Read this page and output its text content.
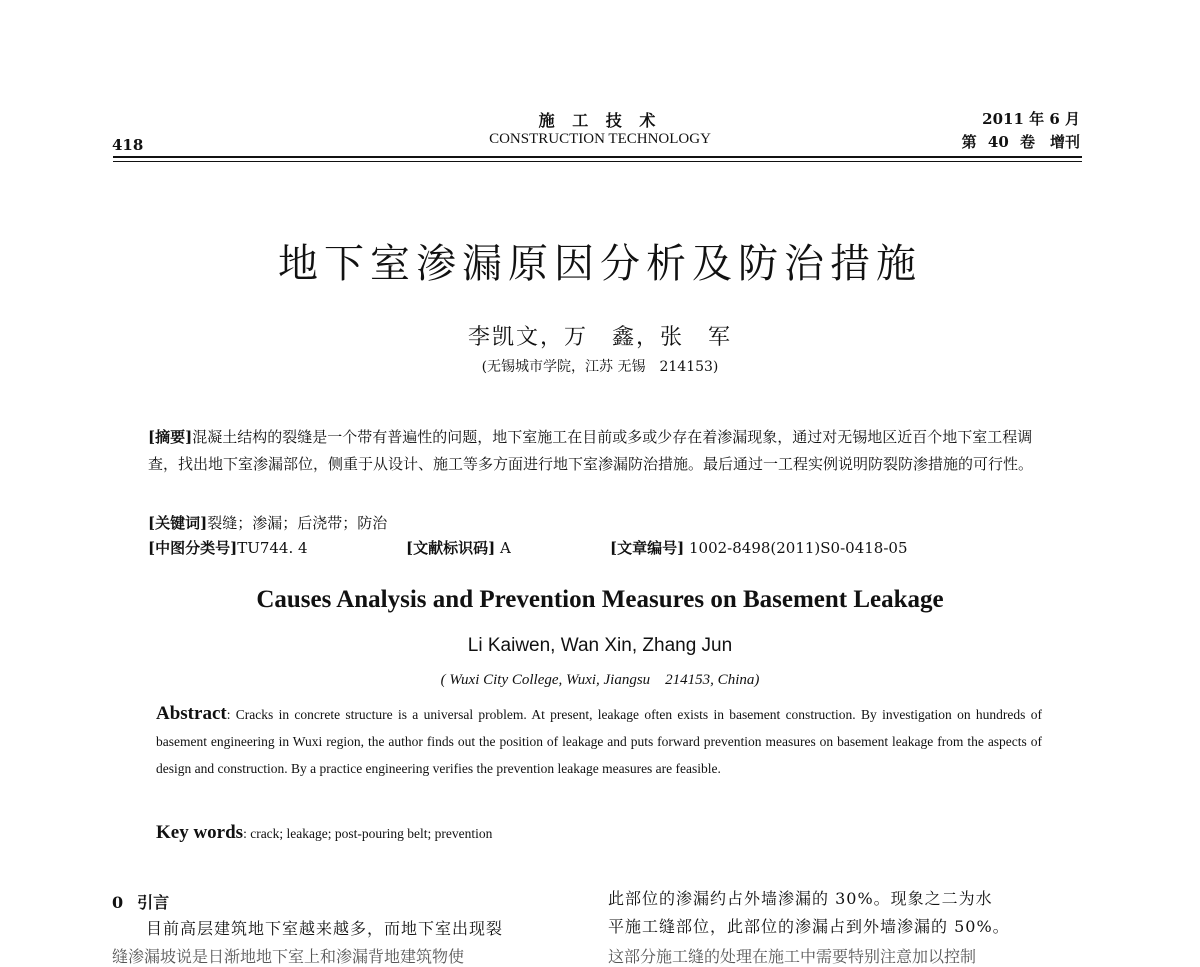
418
施 工 技 术
CONSTRUCTION TECHNOLOGY
2011 年 6 月
第 40 卷　增刊
地下室渗漏原因分析及防治措施
李凯文，万　鑫，张　军
(无锡城市学院，江苏 无锡　214153)
[摘要]混凝土结构的裂缝是一个带有普遍性的问题，地下室施工在目前或多或少存在着渗漏现象，通过对无锡地区近百个地下室工程调查，找出地下室渗漏部位，侧重于从设计、施工等多方面进行地下室渗漏防治措施。最后通过一工程实例说明防裂防渗措施的可行性。
[关键词]裂缝；渗漏；后浇带；防治
[中图分类号]TU744. 4	[文献标识码] A	[文章编号] 1002-8498(2011)S0-0418-05
Causes Analysis and Prevention Measures on Basement Leakage
Li Kaiwen, Wan Xin, Zhang Jun
( Wuxi City College, Wuxi, Jiangsu　214153, China)
Abstract: Cracks in concrete structure is a universal problem. At present, leakage often exists in basement construction. By investigation on hundreds of basement engineering in Wuxi region, the author finds out the position of leakage and puts forward prevention measures on basement leakage from the aspects of design and construction. By a practice engineering verifies the prevention leakage measures are feasible.
Key words: crack; leakage; post-pouring belt; prevention
0 引言
目前高层建筑地下室越来越多，而地下室出现裂
缝渗漏坡说是日渐地地下室上和渗漏背地建筑物使
此部位的渗漏约占外墙渗漏的 30%。现象之二为水
平施工缝部位，此部位的渗漏占到外墙渗漏的 50%。
这部分施工缝的处理在施工中需要特别注意加以控制
